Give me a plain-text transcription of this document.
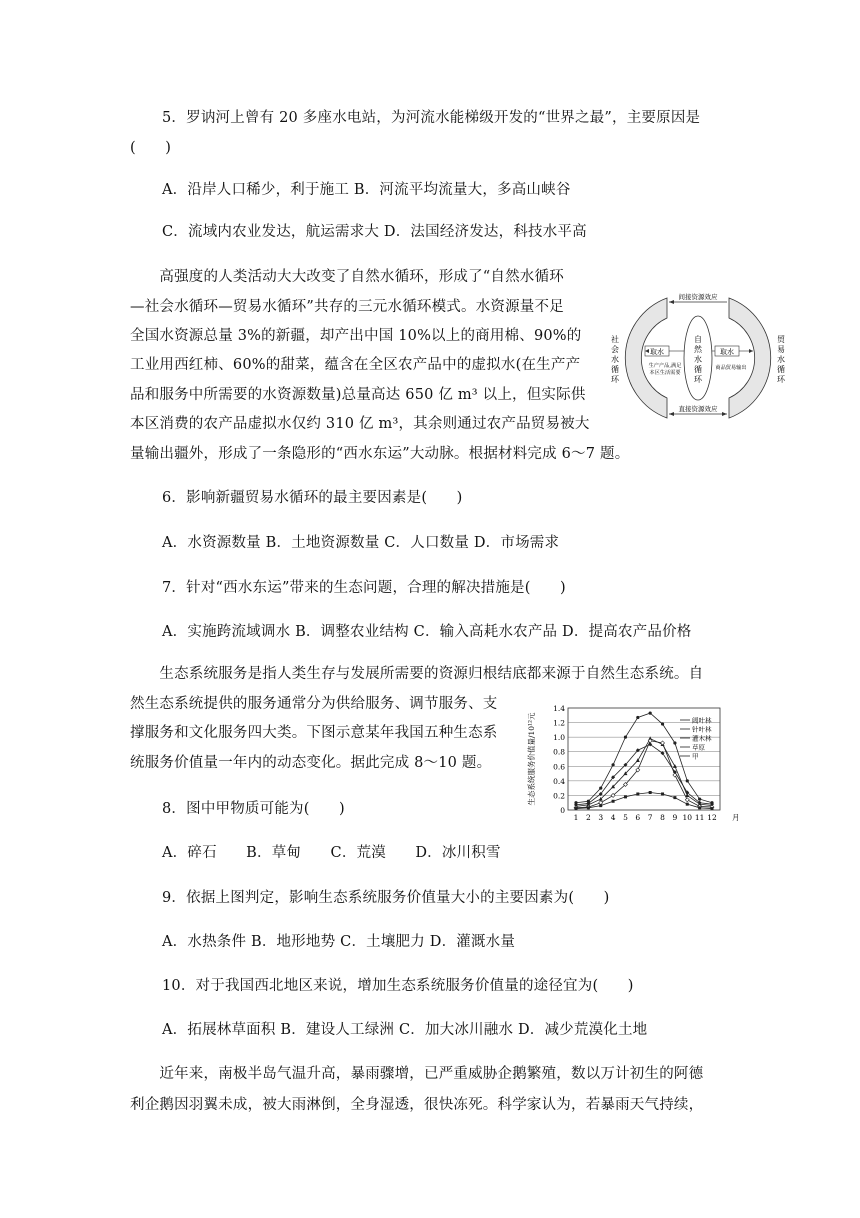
5．罗讷河上曾有 20 多座水电站，为河流水能梯级开发的“世界之最”，主要原因是
(　　)
A．沿岸人口稀少，利于施工 B．河流平均流量大，多高山峡谷
C．流域内农业发达，航运需求大 D．法国经济发达，科技水平高
　　高强度的人类活动大大改变了自然水循环，形成了“自然水循环
—社会水循环—贸易水循环”共存的三元水循环模式。水资源量不足
全国水资源总量 3%的新疆，却产出中国 10%以上的商用棉、90%的
工业用西红柿、60%的甜菜，蕴含在全区农产品中的虚拟水(在生产产
品和服务中所需要的水资源数量)总量高达 650 亿 m³ 以上，但实际供
本区消费的农产品虚拟水仅约 310 亿 m³，其余则通过农产品贸易被大
量输出疆外，形成了一条隐形的“西水东运”大动脉。根据材料完成 6～7 题。
间接资源效应
直接资源效应
自
然
水
循
环
社
会
水
循
环
贸
易
水
循
环
取水
生产产品,满足
本区生活需要
取水
商品贸易输出
6．影响新疆贸易水循环的最主要因素是(　　)
A．水资源数量 B．土地资源数量 C．人口数量 D．市场需求
7．针对“西水东运”带来的生态问题，合理的解决措施是(　　)
A．实施跨流域调水 B．调整农业结构 C．输入高耗水农产品 D．提高农产品价格
　　生态系统服务是指人类生存与发展所需要的资源归根结底都来源于自然生态系统。自
然生态系统提供的服务通常分为供给服务、调节服务、支
撑服务和文化服务四大类。下图示意某年我国五种生态系
统服务价值量一年内的动态变化。据此完成 8～10 题。
0
0.2
0.4
0.6
0.8
1.0
1.2
1.4
1 2 3 4 5 6 7 8 9 10 11 12 月
生态系统服务价值量/10¹²元	阔叶林
针叶林
灌木林
草原
甲
8．图中甲物质可能为(　　)
A．碎石　　B．草甸　　C．荒漠　　D．冰川积雪
9．依据上图判定，影响生态系统服务价值量大小的主要因素为(　　)
A．水热条件 B．地形地势 C．土壤肥力 D．灌溉水量
10．对于我国西北地区来说，增加生态系统服务价值量的途径宜为(　　)
A．拓展林草面积 B．建设人工绿洲 C．加大冰川融水 D．减少荒漠化土地
　　近年来，南极半岛气温升高，暴雨骤增，已严重威胁企鹅繁殖，数以万计初生的阿德
利企鹅因羽翼未成，被大雨淋倒，全身湿透，很快冻死。科学家认为，若暴雨天气持续，
